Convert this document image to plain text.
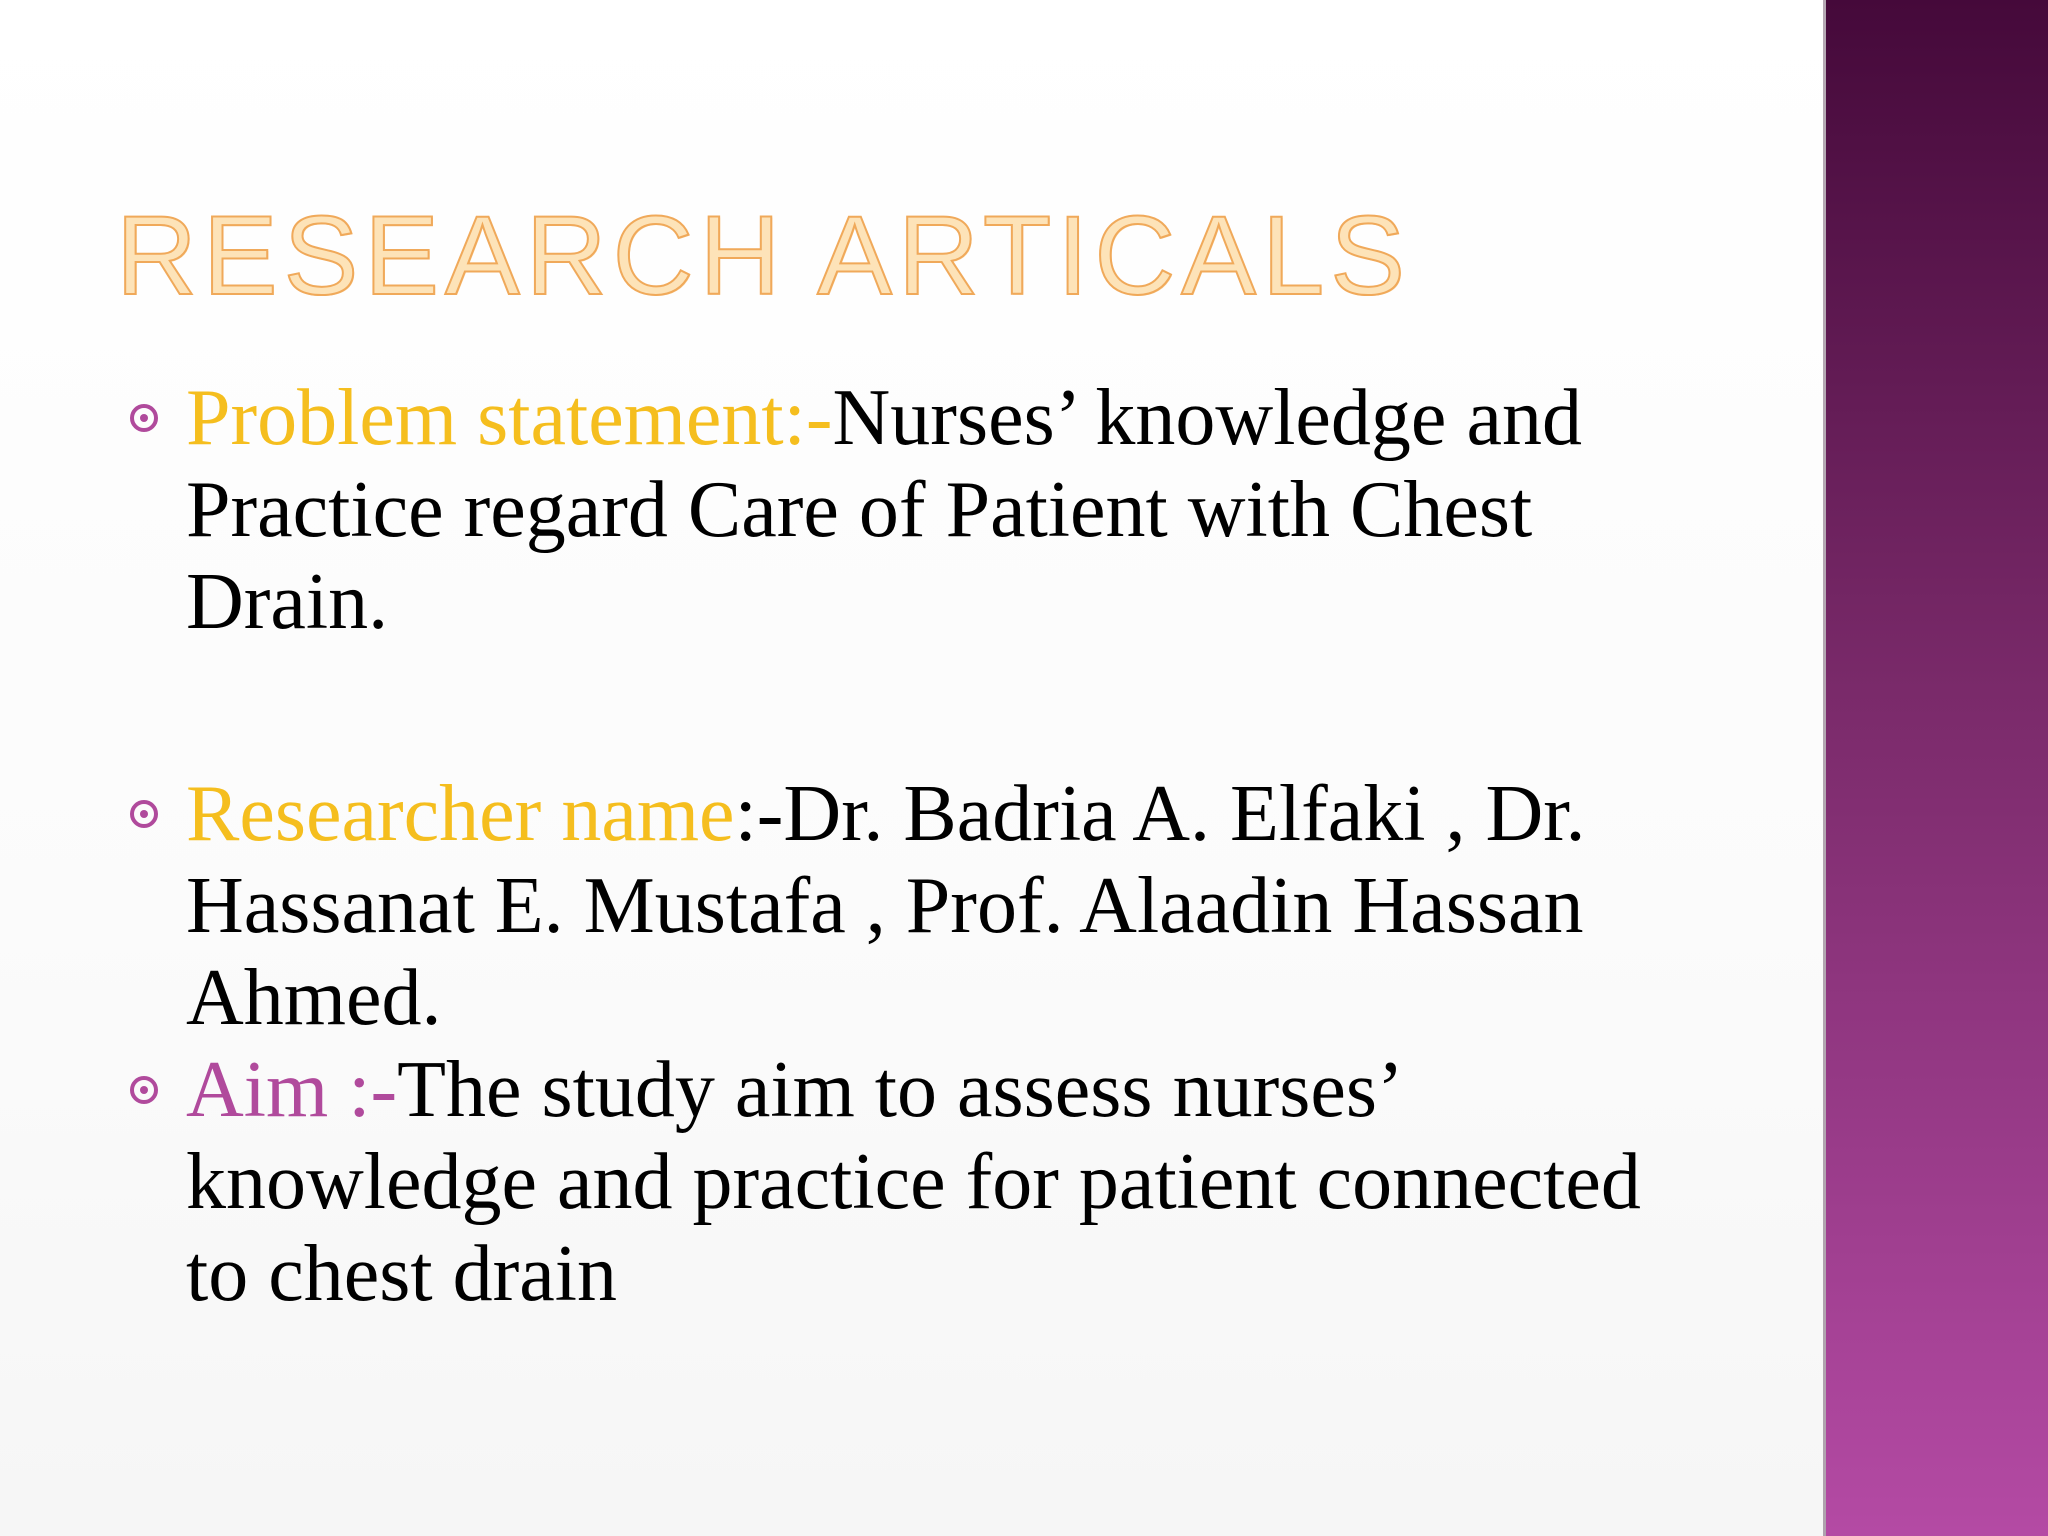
RESEARCH ARTICALS
Problem statement:-Nurses’ knowledge and Practice regard Care of Patient with Chest Drain.
Researcher name:-Dr. Badria A. Elfaki , Dr. Hassanat E. Mustafa , Prof. Alaadin Hassan Ahmed.
Aim :-The study aim to assess nurses’ knowledge and practice for patient connected to chest drain
